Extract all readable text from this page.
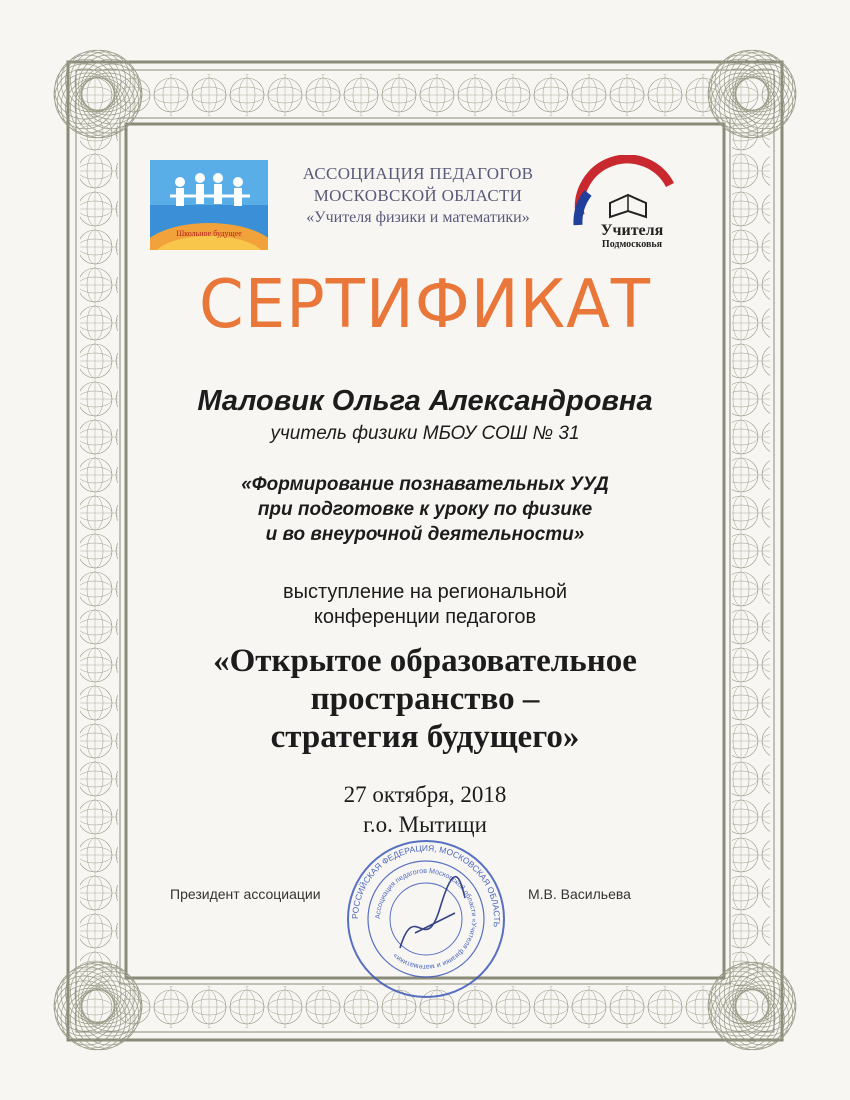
Школьное будущее
АССОЦИАЦИЯ ПЕДАГОГОВ
МОСКОВСКОЙ ОБЛАСТИ
«Учителя физики и математики»
Учителя
Подмосковья
СЕРТИФИКАТ
Маловик Ольга Александровна
учитель физики МБОУ СОШ № 31
«Формирование познавательных УУД
при подготовке к уроку по физике
и во внеурочной деятельности»
выступление на региональной
конференции педагогов
«Открытое образовательное
пространство –
стратегия будущего»
27 октября, 2018
г.о. Мытищи
Президент ассоциации	М.В. Васильева
РОССИЙСКАЯ ФЕДЕРАЦИЯ, МОСКОВСКАЯ ОБЛАСТЬ
Ассоциация педагогов Московской области «Учителя физики и математики»
